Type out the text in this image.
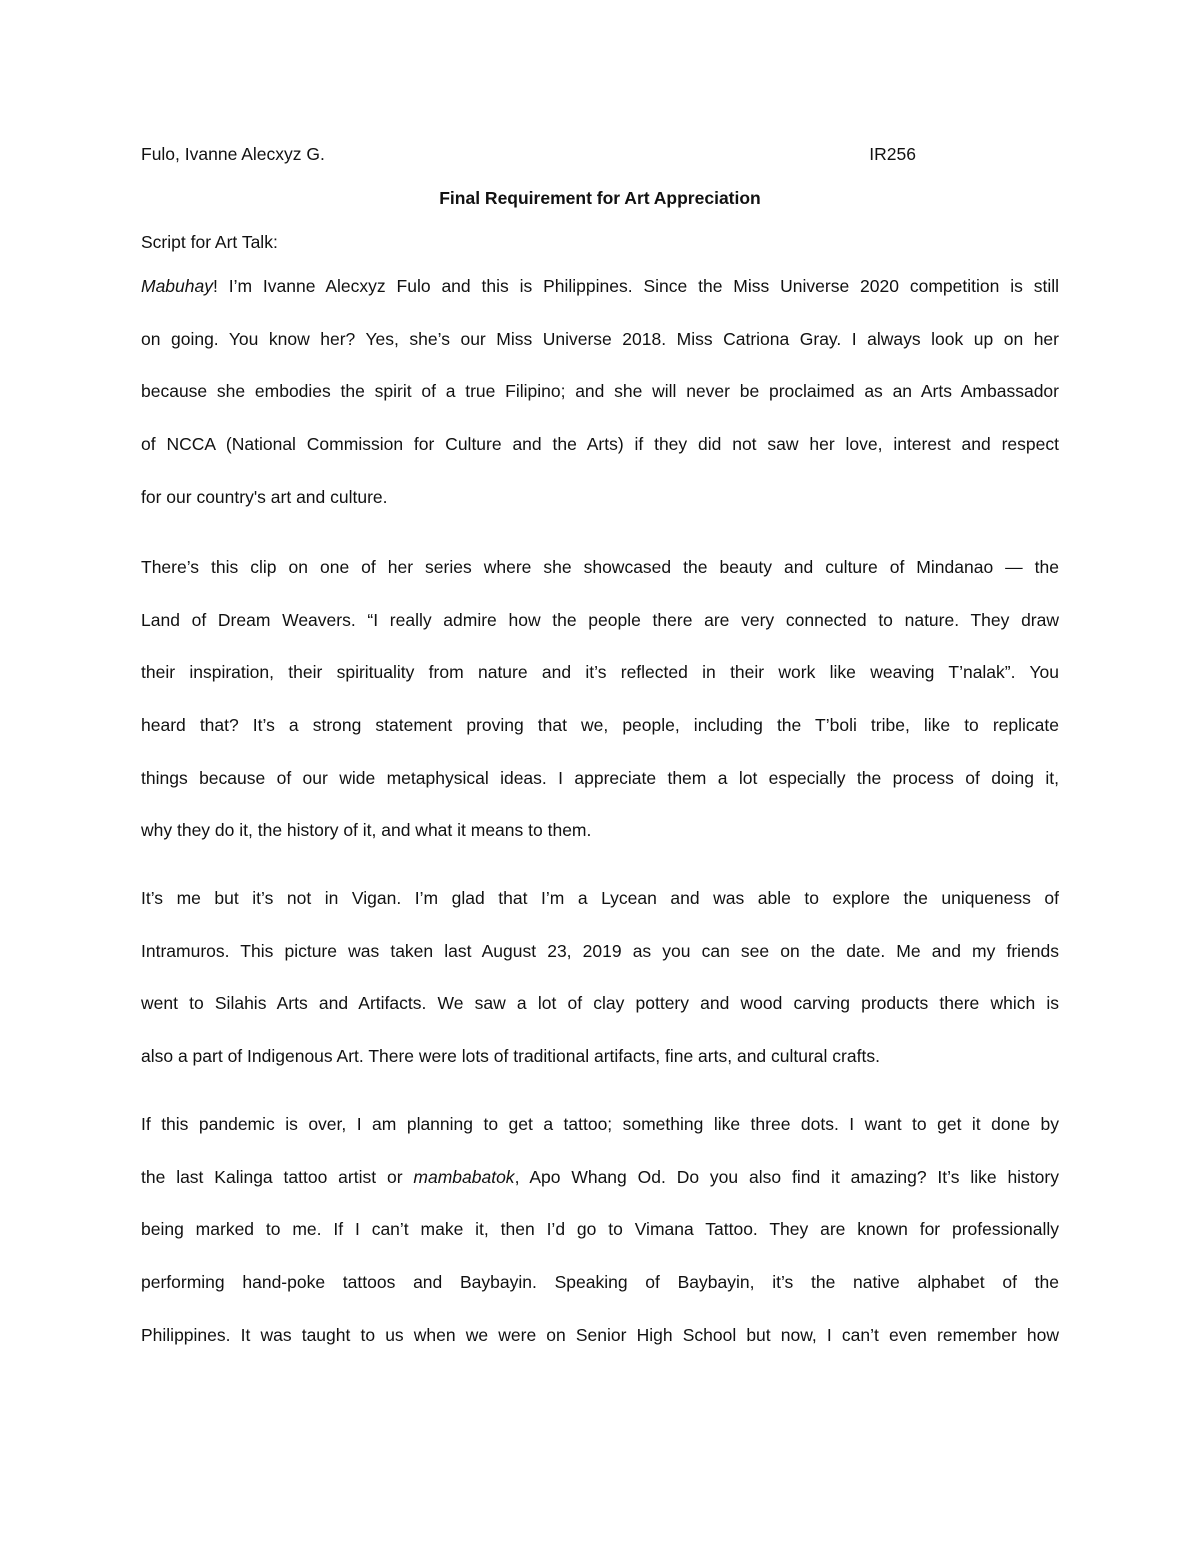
Fulo, Ivanne Alecxyz G.	IR256
Final Requirement for Art Appreciation
Script for Art Talk:
Mabuhay! I’m Ivanne Alecxyz Fulo and this is Philippines. Since the Miss Universe 2020 competition is still
on going. You know her? Yes, she’s our Miss Universe 2018. Miss Catriona Gray. I always look up on her
because she embodies the spirit of a true Filipino; and she will never be proclaimed as an Arts Ambassador
of NCCA (National Commission for Culture and the Arts) if they did not saw her love, interest and respect
for our country's art and culture.
There’s this clip on one of her series where she showcased the beauty and culture of Mindanao — the
Land of Dream Weavers. “I really admire how the people there are very connected to nature. They draw
their inspiration, their spirituality from nature and it’s reflected in their work like weaving T’nalak”. You
heard that? It’s a strong statement proving that we, people, including the T’boli tribe, like to replicate
things because of our wide metaphysical ideas. I appreciate them a lot especially the process of doing it,
why they do it, the history of it, and what it means to them.
It’s me but it’s not in Vigan. I’m glad that I’m a Lycean and was able to explore the uniqueness of
Intramuros. This picture was taken last August 23, 2019 as you can see on the date. Me and my friends
went to Silahis Arts and Artifacts. We saw a lot of clay pottery and wood carving products there which is
also a part of Indigenous Art. There were lots of traditional artifacts, fine arts, and cultural crafts.
If this pandemic is over, I am planning to get a tattoo; something like three dots. I want to get it done by
the last Kalinga tattoo artist or mambabatok, Apo Whang Od. Do you also find it amazing? It’s like history
being marked to me. If I can’t make it, then I’d go to Vimana Tattoo. They are known for professionally
performing hand-poke tattoos and Baybayin. Speaking of Baybayin, it’s the native alphabet of the
Philippines. It was taught to us when we were on Senior High School but now, I can’t even remember how
